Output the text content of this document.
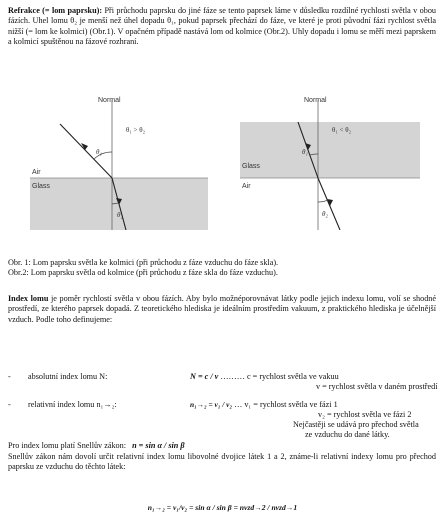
Refrakce (= lom paprsku): Při průchodu paprsku do jiné fáze se tento paprsek láme v důsledku rozdílné rychlosti světla v obou fázích. Uhel lomu θ₂ je menší než úhel dopadu θ₁, pokud paprsek přechází do fáze, ve které je proti původní fázi rychlost světla nižší (= lom ke kolmici) (Obr.1). V opačném případě nastává lom od kolmice (Obr.2). Uhly dopadu i lomu se měří mezi paprskem a kolmicí spuštěnou na fázové rozhraní.
Normal
θ₁ > θ₂
θ₁
θ₂
Air
Glass
Normal
θ₁ < θ₂
θ₁
θ₂
Air
Glass
Obr. 1: Lom paprsku světla ke kolmici (při průchodu z fáze vzduchu do fáze skla).
Obr.2: Lom paprsku světla od kolmice (při průchodu z fáze skla do fáze vzduchu).
Index lomu je poměr rychlostí světla v obou fázích. Aby bylo možnéporovnávat látky podle jejich indexu lomu, volí se shodné prostředí, ze kterého paprsek dopadá. Z teoretického hlediska je ideálním prostředím vakuum, z praktického hlediska je účelnější vzduch. Podle toho definujeme:
- absolutní index lomu N:	N = c / v ……… c = rychlost světla ve vakuu
v = rychlost světla v daném prostředí
- relativní index lomu n₁→₂:	n₁→₂ = v₁ / v₂ … v₁ = rychlost světla ve fázi 1
v₂ = rychlost světla ve fázi 2
Nejčastěji se udává pro přechod světla
ze vzduchu do dané látky.
Pro index lomu platí Snellův zákon: n = sin α / sin β
Snellův zákon nám dovolí určit relativní index lomu libovolné dvojice látek 1 a 2, známe-li relativní indexy lomu pro přechod paprsku ze vzduchu do těchto látek:
n₁→₂ = v₁/v₂ = sin α / sin β = nvzd→2 / nvzd→1
